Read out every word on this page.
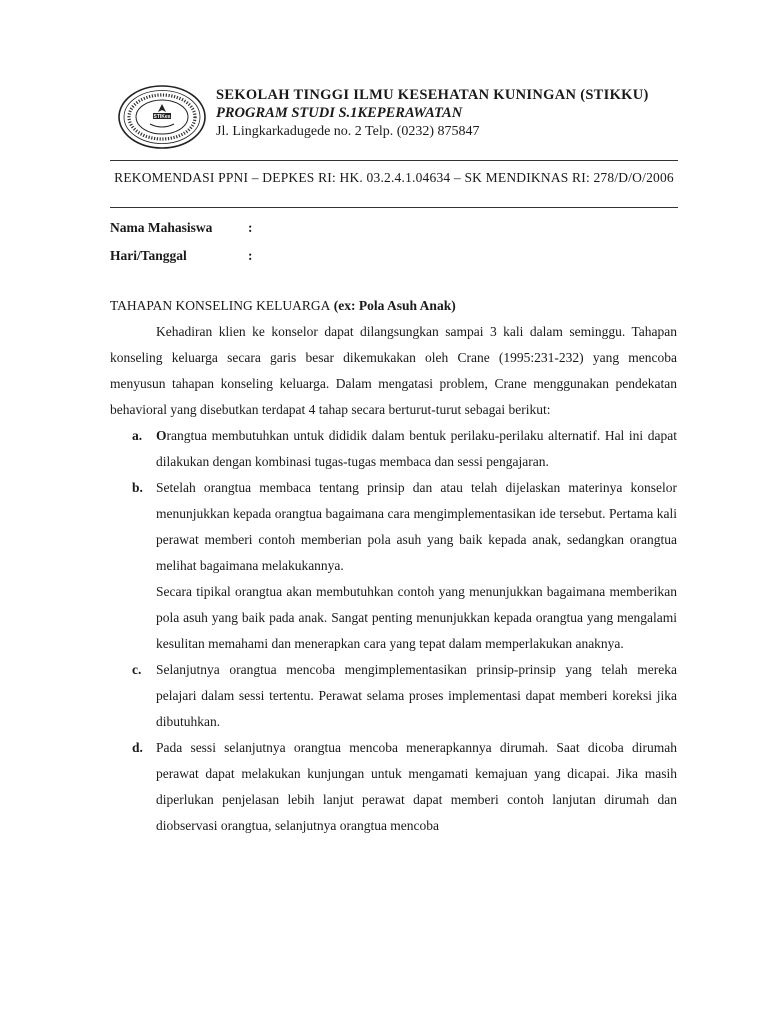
STIKes
SEKOLAH TINGGI ILMU KESEHATAN KUNINGAN (STIKKU)
PROGRAM STUDI S.1KEPERAWATAN
Jl. Lingkarkadugede no. 2 Telp. (0232) 875847
REKOMENDASI PPNI – DEPKES RI: HK. 03.2.4.1.04634 – SK MENDIKNAS RI: 278/D/O/2006
Nama Mahasiswa	:
Hari/Tanggal	:
TAHAPAN KONSELING KELUARGA (ex: Pola Asuh Anak)

Kehadiran klien ke konselor dapat dilangsungkan sampai 3 kali dalam seminggu. Tahapan konseling keluarga secara garis besar dikemukakan oleh Crane (1995:231-232) yang mencoba menyusun tahapan konseling keluarga. Dalam mengatasi problem, Crane menggunakan pendekatan behavioral yang disebutkan terdapat 4 tahap secara berturut-turut sebagai berikut:

a. Orangtua membutuhkan untuk dididik dalam bentuk perilaku-perilaku alternatif. Hal ini dapat dilakukan dengan kombinasi tugas-tugas membaca dan sessi pengajaran.

b. Setelah orangtua membaca tentang prinsip dan atau telah dijelaskan materinya konselor menunjukkan kepada orangtua bagaimana cara mengimplementasikan ide tersebut. Pertama kali perawat memberi contoh memberian pola asuh yang baik kepada anak, sedangkan orangtua melihat bagaimana melakukannya.

Secara tipikal orangtua akan membutuhkan contoh yang menunjukkan bagaimana memberikan pola asuh yang baik pada anak. Sangat penting menunjukkan kepada orangtua yang mengalami kesulitan memahami dan menerapkan cara yang tepat dalam memperlakukan anaknya.

c. Selanjutnya orangtua mencoba mengimplementasikan prinsip-prinsip yang telah mereka pelajari dalam sessi tertentu. Perawat selama proses implementasi dapat memberi koreksi jika dibutuhkan.

d. Pada sessi selanjutnya orangtua mencoba menerapkannya dirumah. Saat dicoba dirumah perawat dapat melakukan kunjungan untuk mengamati kemajuan yang dicapai. Jika masih diperlukan penjelasan lebih lanjut perawat dapat memberi contoh lanjutan dirumah dan diobservasi orangtua, selanjutnya orangtua mencoba
